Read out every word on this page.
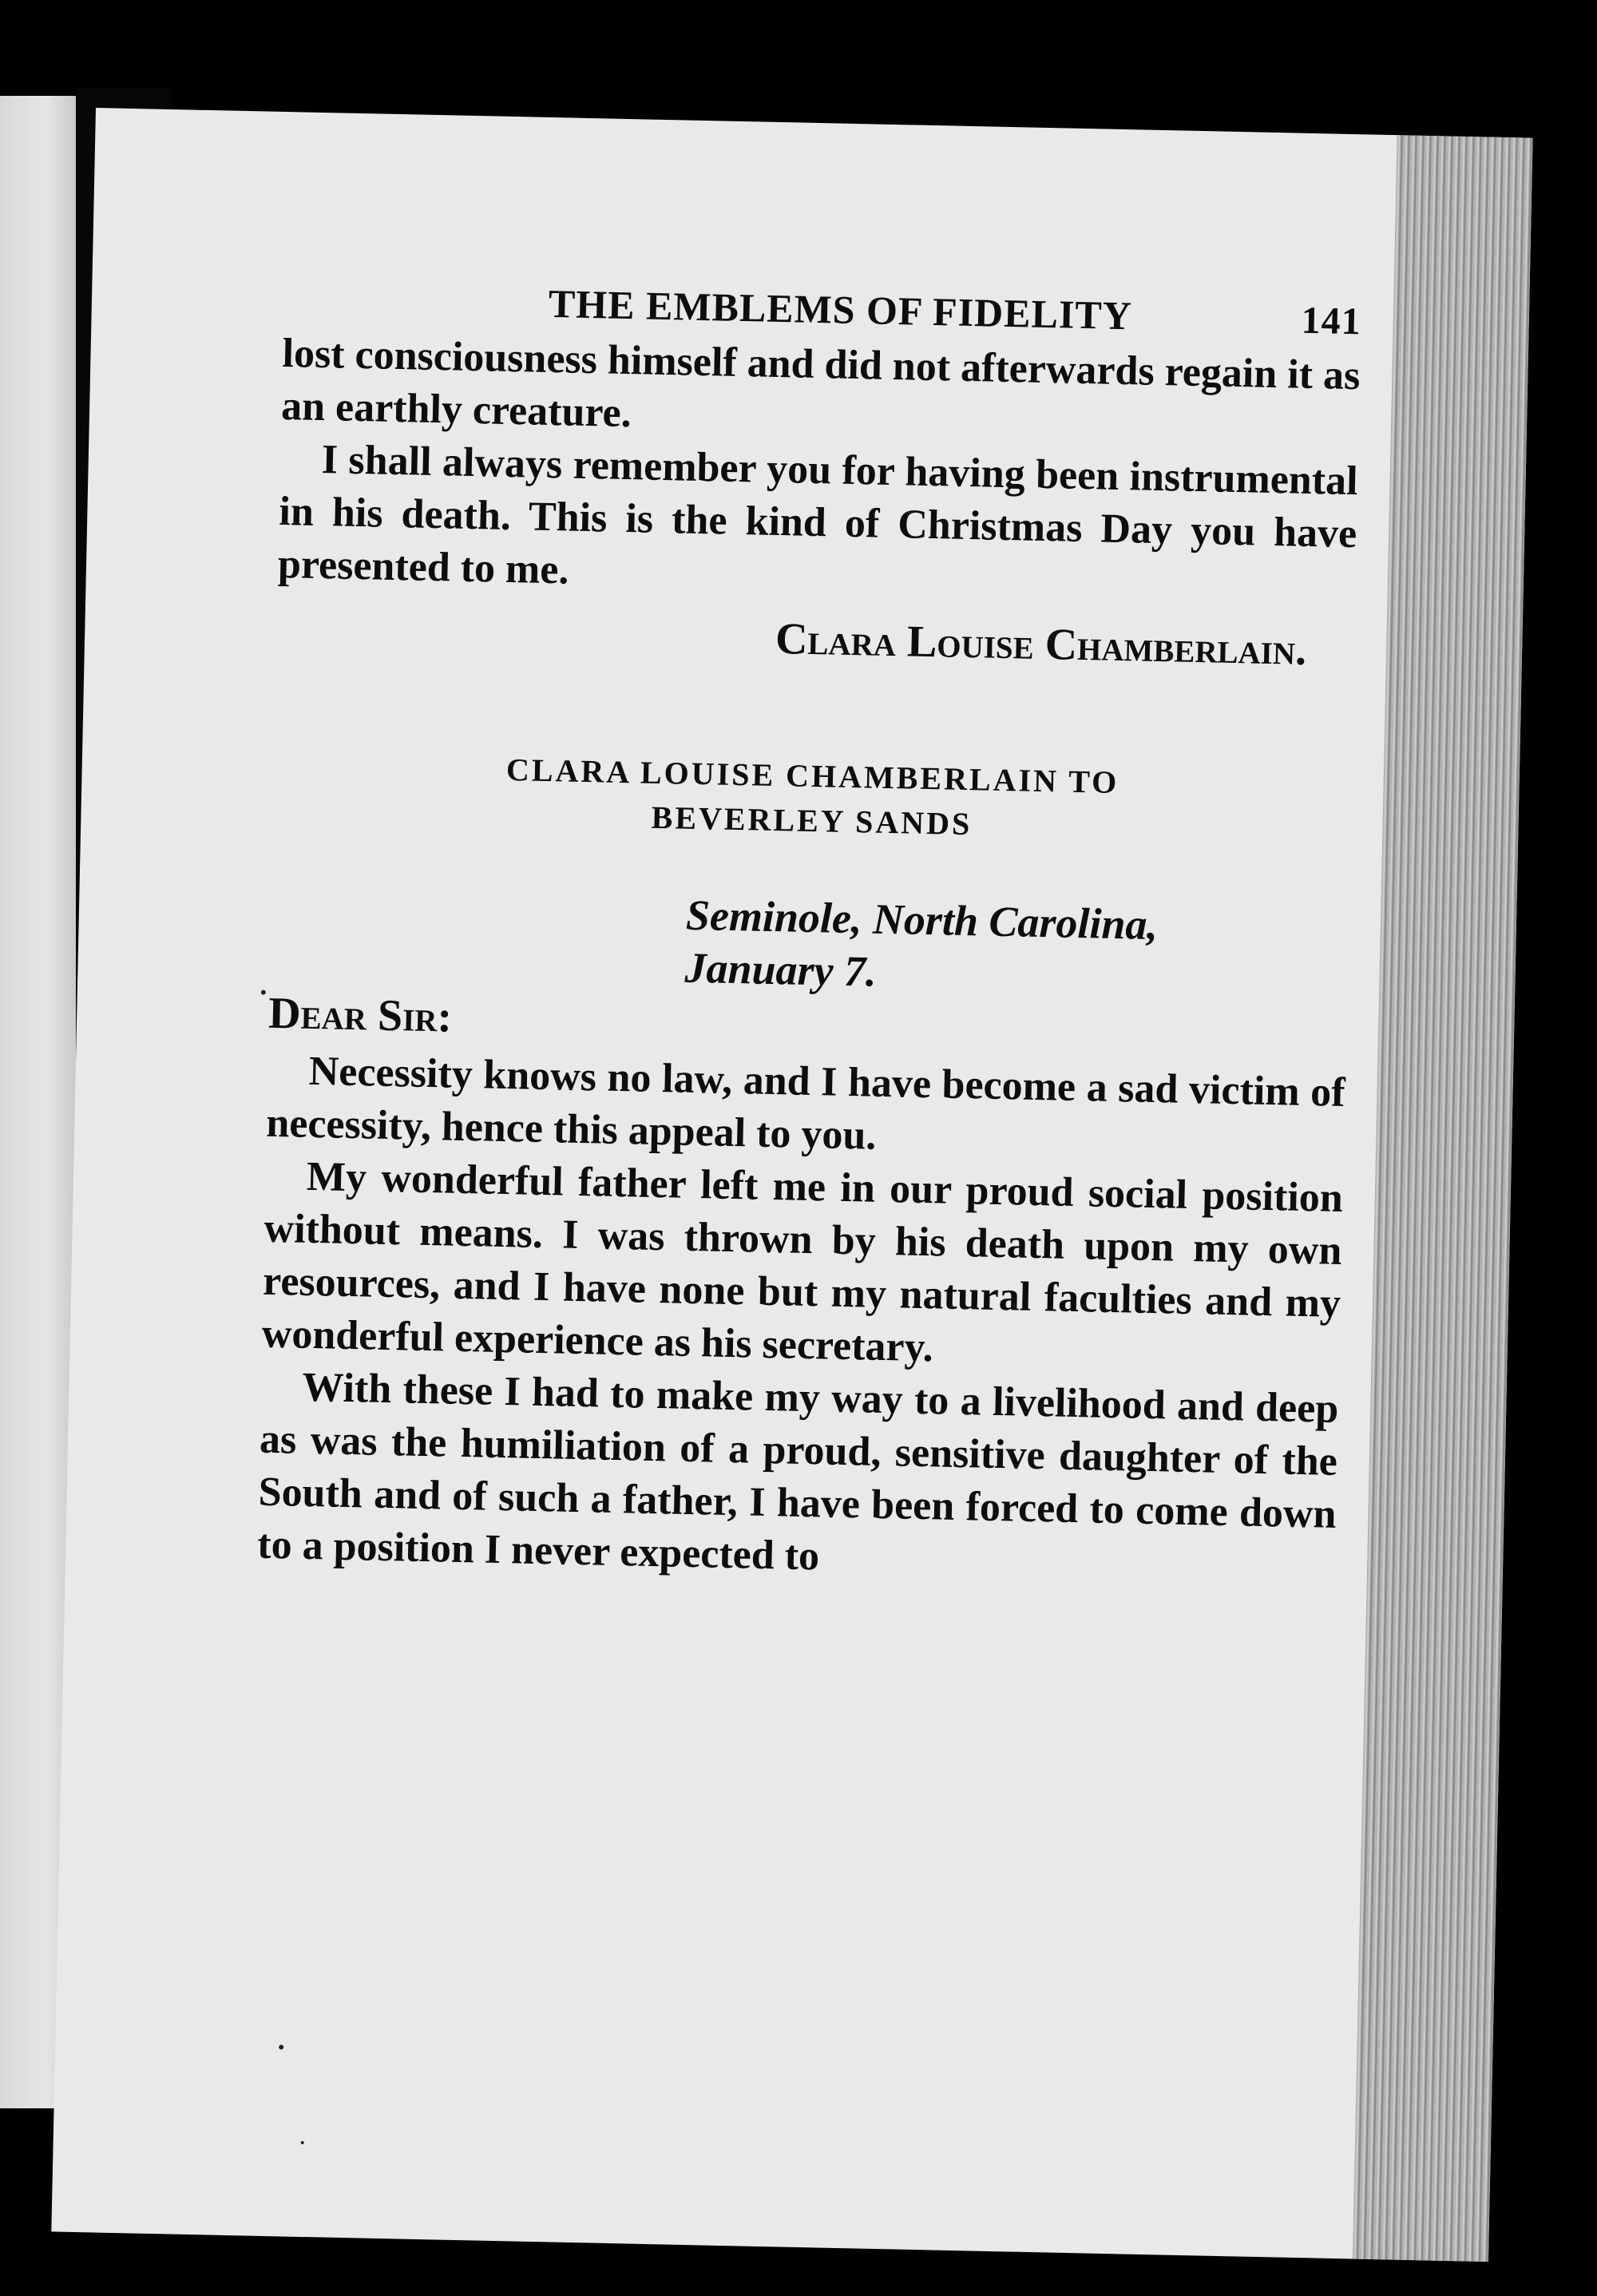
THE EMBLEMS OF FIDELITY	141

lost consciousness himself and did not afterwards regain it as an earthly creature.

I shall always remember you for having been instrumental in his death. This is the kind of Christmas Day you have presented to me.

Clara Louise Chamberlain.
CLARA LOUISE CHAMBERLAIN TO
BEVERLEY SANDS
Seminole, North Carolina,
January 7.
Dear Sir:

Necessity knows no law, and I have become a sad victim of necessity, hence this appeal to you.

My wonderful father left me in our proud social position without means. I was thrown by his death upon my own resources, and I have none but my natural faculties and my wonderful experience as his secretary.

With these I had to make my way to a livelihood and deep as was the humiliation of a proud, sensitive daughter of the South and of such a father, I have been forced to come down to a position I never expected to
